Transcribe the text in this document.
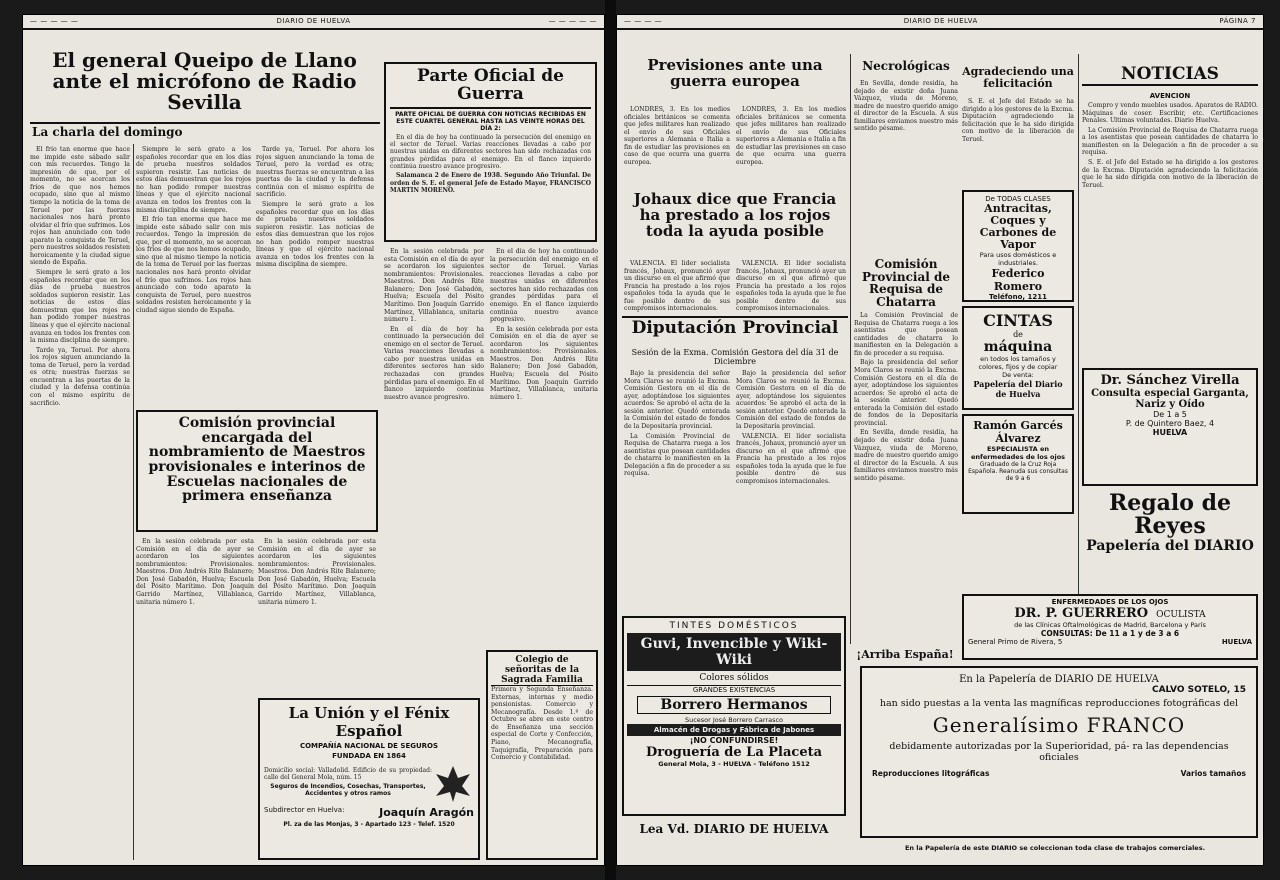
— — — — —	DIARIO DE HUELVA	— — — — —
El general Queipo de Llano ante el micrófono de Radio Sevilla
La charla del domingo

El frío tan enorme que hace me impide este sábado salir con mis recuerdos. Tengo la impresión de que, por el momento, no se acercan los fríos de que nos hemos ocupado, sino que al mismo tiempo la noticia de la toma de Teruel por las fuerzas nacionales nos hará pronto olvidar el frío que sufrimos. Los rojos han anunciado con todo aparato la conquista de Teruel, pero nuestros soldados resisten heroicamente y la ciudad sigue siendo de España.

Siempre le será grato a los españoles recordar que en los días de prueba nuestros soldados supieron resistir. Las noticias de estos días demuestran que los rojos no han podido romper nuestras líneas y que el ejército nacional avanza en todos los frentes con la misma disciplina de siempre.

Tarde ya, Teruel. Por ahora los rojos siguen anunciando la toma de Teruel, pero la verdad es otra; nuestras fuerzas se encuentran a las puertas de la ciudad y la defensa continúa con el mismo espíritu de sacrificio.

Siempre le será grato a los españoles recordar que en los días de prueba nuestros soldados supieron resistir. Las noticias de estos días demuestran que los rojos no han podido romper nuestras líneas y que el ejército nacional avanza en todos los frentes con la misma disciplina de siempre.

El frío tan enorme que hace me impide este sábado salir con mis recuerdos. Tengo la impresión de que, por el momento, no se acercan los fríos de que nos hemos ocupado, sino que al mismo tiempo la noticia de la toma de Teruel por las fuerzas nacionales nos hará pronto olvidar el frío que sufrimos. Los rojos han anunciado con todo aparato la conquista de Teruel, pero nuestros soldados resisten heroicamente y la ciudad sigue siendo de España.

Tarde ya, Teruel. Por ahora los rojos siguen anunciando la toma de Teruel, pero la verdad es otra; nuestras fuerzas se encuentran a las puertas de la ciudad y la defensa continúa con el mismo espíritu de sacrificio.

Siempre le será grato a los españoles recordar que en los días de prueba nuestros soldados supieron resistir. Las noticias de estos días demuestran que los rojos no han podido romper nuestras líneas y que el ejército nacional avanza en todos los frentes con la misma disciplina de siempre.

Parte Oficial de Guerra
PARTE OFICIAL DE GUERRA CON NOTICIAS RECIBIDAS EN ESTE CUARTEL GENERAL HASTA LAS VEINTE HORAS DEL DÍA 2:

En el día de hoy ha continuado la persecución del enemigo en el sector de Teruel. Varias reacciones llevadas a cabo por nuestras unidas en diferentes sectores han sido rechazadas con grandes pérdidas para el enemigo. En el flanco izquierdo continúa nuestro avance progresivo.

Salamanca 2 de Enero de 1938. Segundo Año Triunfal. De orden de S. E. el general Jefe de Estado Mayor, FRANCISCO MARTIN MORENO.

En la sesión celebrada por esta Comisión en el día de ayer se acordaron los siguientes nombramientos: Provisionales. Maestros. Don Andrés Rite Balanero; Don José Gabadón, Huelva; Escuela del Pósito Marítimo. Don Joaquín Garrido Martínez, Villablanca, unitaria número 1.

En el día de hoy ha continuado la persecución del enemigo en el sector de Teruel. Varias reacciones llevadas a cabo por nuestras unidas en diferentes sectores han sido rechazadas con grandes pérdidas para el enemigo. En el flanco izquierdo continúa nuestro avance progresivo.

En el día de hoy ha continuado la persecución del enemigo en el sector de Teruel. Varias reacciones llevadas a cabo por nuestras unidas en diferentes sectores han sido rechazadas con grandes pérdidas para el enemigo. En el flanco izquierdo continúa nuestro avance progresivo.

En la sesión celebrada por esta Comisión en el día de ayer se acordaron los siguientes nombramientos: Provisionales. Maestros. Don Andrés Rite Balanero; Don José Gabadón, Huelva; Escuela del Pósito Marítimo. Don Joaquín Garrido Martínez, Villablanca, unitaria número 1.

Comisión provincial encargada del nombramiento de Maestros provisionales e interinos de Escuelas nacionales de primera enseñanza

En la sesión celebrada por esta Comisión en el día de ayer se acordaron los siguientes nombramientos: Provisionales. Maestros. Don Andrés Rite Balanero; Don José Gabadón, Huelva; Escuela del Pósito Marítimo. Don Joaquín Garrido Martínez, Villablanca, unitaria número 1.

En la sesión celebrada por esta Comisión en el día de ayer se acordaron los siguientes nombramientos: Provisionales. Maestros. Don Andrés Rite Balanero; Don José Gabadón, Huelva; Escuela del Pósito Marítimo. Don Joaquín Garrido Martínez, Villablanca, unitaria número 1.

La Unión y el Fénix Español
COMPAÑÍA NACIONAL DE SEGUROS
FUNDADA EN 1864
Domicilio social: Valladolid. Edificio de su propiedad: calle del General Mola, núm. 15
Seguros de Incendios, Cosechas, Transportes, Accidentes y otros ramos
Subdirector en Huelva:	Joaquín Aragón
Pl. za de las Monjas, 3 - Apartado 123 - Telef. 1520
Colegio de señoritas de la Sagrada Familia
Primera y Segunda Enseñanza. Externas, internas y medio pensionistas. Comercio y Mecanografía. Desde 1.º de Octubre se abre en este centro de Enseñanza una sección especial de Corte y Confección, Piano, Mecanografía, Taquigrafía, Preparación para Comercio y Contabilidad.
— — — —	DIARIO DE HUELVA	PÁGINA 7
Previsiones ante una guerra europea

LONDRES, 3. En los medios oficiales británicos se comenta que jefes militares han realizado el envío de sus Oficiales superiores a Alemania e Italia a fin de estudiar las previsiones en caso de que ocurra una guerra europea.

LONDRES, 3. En los medios oficiales británicos se comenta que jefes militares han realizado el envío de sus Oficiales superiores a Alemania e Italia a fin de estudiar las previsiones en caso de que ocurra una guerra europea.

Johaux dice que Francia ha prestado a los rojos toda la ayuda posible

VALENCIA. El líder socialista francés, Johaux, pronunció ayer un discurso en el que afirmó que Francia ha prestado a los rojos españoles toda la ayuda que le fue posible dentro de sus compromisos internacionales.

VALENCIA. El líder socialista francés, Johaux, pronunció ayer un discurso en el que afirmó que Francia ha prestado a los rojos españoles toda la ayuda que le fue posible dentro de sus compromisos internacionales.

Diputación Provincial
Sesión de la Exma. Comisión Gestora del día 31 de Diciembre

Bajo la presidencia del señor Mora Claros se reunió la Excma. Comisión Gestora en el día de ayer, adoptándose los siguientes acuerdos: Se aprobó el acta de la sesión anterior. Quedó enterada la Comisión del estado de fondos de la Depositaría provincial.

La Comisión Provincial de Requisa de Chatarra ruega a los asentistas que posean cantidades de chatarra lo manifiesten en la Delegación a fin de proceder a su requisa.

Bajo la presidencia del señor Mora Claros se reunió la Excma. Comisión Gestora en el día de ayer, adoptándose los siguientes acuerdos: Se aprobó el acta de la sesión anterior. Quedó enterada la Comisión del estado de fondos de la Depositaría provincial.

VALENCIA. El líder socialista francés, Johaux, pronunció ayer un discurso en el que afirmó que Francia ha prestado a los rojos españoles toda la ayuda que le fue posible dentro de sus compromisos internacionales.

TINTES DOMÉSTICOS
Guvi, Invencible y Wiki-Wiki
Colores sólidos
GRANDES EXISTENCIAS
Borrero Hermanos
Sucesor José Borrero Carrasco
Almacén de Drogas y Fábrica de Jabones
¡NO CONFUNDIRSE!
Droguería de La Placeta
General Mola, 3 - HUELVA - Teléfono 1512
Lea Vd. DIARIO DE HUELVA
Necrológicas

En Sevilla, donde residía, ha dejado de existir doña Juana Vázquez, viuda de Moreno, madre de nuestro querido amigo el director de la Escuela. A sus familiares enviamos nuestro más sentido pésame.

Agradeciendo una felicitación

S. E. el Jefe del Estado se ha dirigido a los gestores de la Excma. Diputación agradeciendo la felicitación que le ha sido dirigida con motivo de la liberación de Teruel.

De TODAS CLASES
Antracitas, Coques y Carbones de Vapor
Para usos domésticos e industriales.
Federico Romero
Teléfono, 1211
Comisión Provincial de Requisa de Chatarra

La Comisión Provincial de Requisa de Chatarra ruega a los asentistas que posean cantidades de chatarra lo manifiesten en la Delegación a fin de proceder a su requisa.

Bajo la presidencia del señor Mora Claros se reunió la Excma. Comisión Gestora en el día de ayer, adoptándose los siguientes acuerdos: Se aprobó el acta de la sesión anterior. Quedó enterada la Comisión del estado de fondos de la Depositaría provincial.

En Sevilla, donde residía, ha dejado de existir doña Juana Vázquez, viuda de Moreno, madre de nuestro querido amigo el director de la Escuela. A sus familiares enviamos nuestro más sentido pésame.

CINTAS
de
máquina
en todos los tamaños y colores, fijos y de copiar
De venta:
Papelería del Diario de Huelva
Ramón Garcés Álvarez
ESPECIALISTA en enfermedades de los ojos
Graduado de la Cruz Roja Española. Reanuda sus consultas de 9 a 6
NOTICIAS
AVENCION

Compro y vendo muebles usados. Aparatos de RADIO. Máquinas de coser. Escribir, etc. Certificaciones Penales. Ultimas voluntades. Diario Huelva.

La Comisión Provincial de Requisa de Chatarra ruega a los asentistas que posean cantidades de chatarra lo manifiesten en la Delegación a fin de proceder a su requisa.

S. E. el Jefe del Estado se ha dirigido a los gestores de la Excma. Diputación agradeciendo la felicitación que le ha sido dirigida con motivo de la liberación de Teruel.

Dr. Sánchez Virella
Consulta especial Garganta, Nariz y Oído
De 1 a 5
P. de Quintero Baez, 4
HUELVA
Regalo de Reyes
Papelería del DIARIO
ENFERMEDADES DE LOS OJOS
DR. P. GUERRERO OCULISTA
de las Clínicas Oftalmológicas de Madrid, Barcelona y París
CONSULTAS: De 11 a 1 y de 3 a 6
General Primo de Rivera, 5	HUELVA
¡Arriba España!
En la Papelería de DIARIO DE HUELVA
CALVO SOTELO, 15
han sido puestas a la venta las magníficas reproducciones fotográficas del
Generalísimo FRANCO
debidamente autorizadas por la Superioridad, pá- ra las dependencias oficiales
Reproducciones litográficas	Varios tamaños
En la Papelería de este DIARIO se coleccionan toda clase de trabajos comerciales.
